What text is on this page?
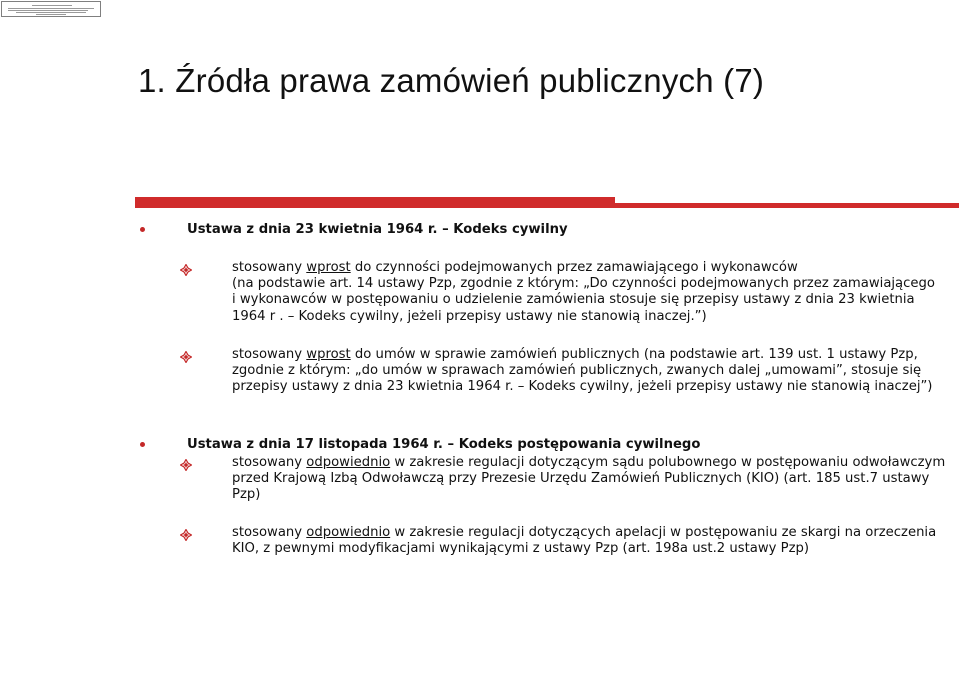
1. Źródła prawa zamówień publicznych (7)
Ustawa z dnia 23 kwietnia 1964 r. – Kodeks cywilny
stosowany wprost do czynności podejmowanych przez zamawiającego i wykonawców
(na podstawie art. 14 ustawy Pzp, zgodnie z którym: „Do czynności podejmowanych przez zamawiającego
i wykonawców w postępowaniu o udzielenie zamówienia stosuje się przepisy ustawy z dnia 23 kwietnia
1964 r . – Kodeks cywilny, jeżeli przepisy ustawy nie stanowią inaczej.”)
stosowany wprost do umów w sprawie zamówień publicznych (na podstawie art. 139 ust. 1 ustawy Pzp,
zgodnie z którym: „do umów w sprawach zamówień publicznych, zwanych dalej „umowami”, stosuje się
przepisy ustawy z dnia 23 kwietnia 1964 r. – Kodeks cywilny, jeżeli przepisy ustawy nie stanowią inaczej”)
Ustawa z dnia 17 listopada 1964 r. – Kodeks postępowania cywilnego
stosowany odpowiednio w zakresie regulacji dotyczącym sądu polubownego w postępowaniu odwoławczym
przed Krajową Izbą Odwoławczą przy Prezesie Urzędu Zamówień Publicznych (KIO) (art. 185 ust.7 ustawy
Pzp)
stosowany odpowiednio w zakresie regulacji dotyczących apelacji w postępowaniu ze skargi na orzeczenia
KIO, z pewnymi modyfikacjami wynikającymi z ustawy Pzp (art. 198a ust.2 ustawy Pzp)
